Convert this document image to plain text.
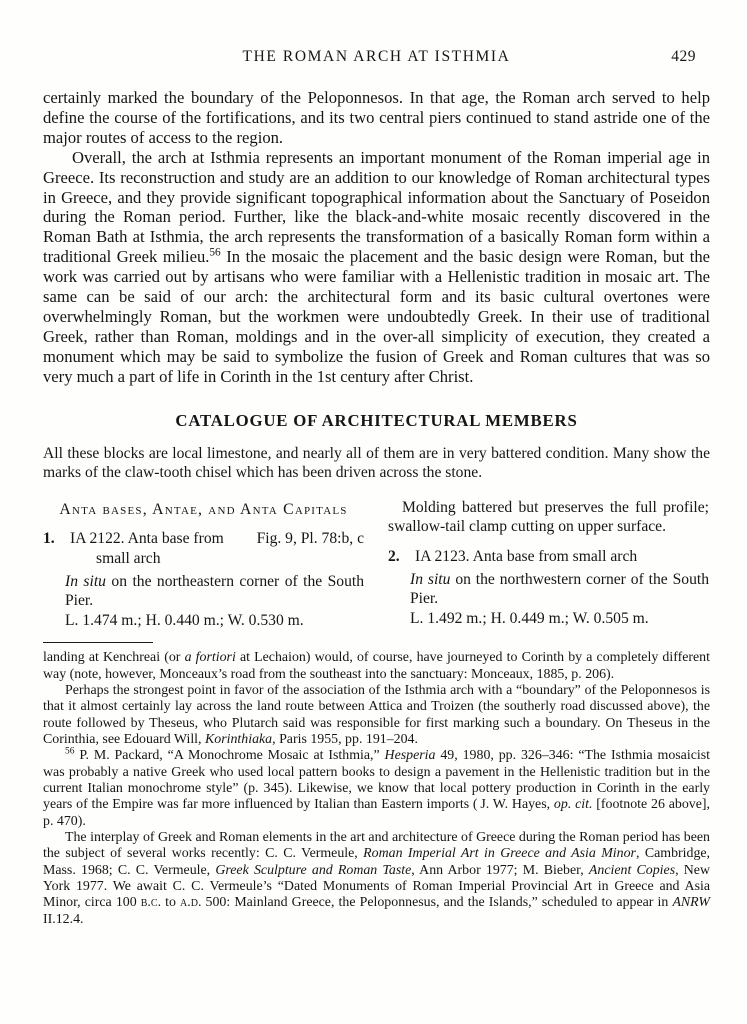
THE ROMAN ARCH AT ISTHMIA	429

certainly marked the boundary of the Peloponnesos. In that age, the Roman arch served to help define the course of the fortifications, and its two central piers continued to stand astride one of the major routes of access to the region.

Overall, the arch at Isthmia represents an important monument of the Roman imperial age in Greece. Its reconstruction and study are an addition to our knowledge of Roman architectural types in Greece, and they provide significant topographical information about the Sanctuary of Poseidon during the Roman period. Further, like the black-and-white mosaic recently discovered in the Roman Bath at Isthmia, the arch represents the transformation of a basically Roman form within a traditional Greek milieu.$^{56}$ In the mosaic the placement and the basic design were Roman, but the work was carried out by artisans who were familiar with a Hellenistic tradition in mosaic art. The same can be said of our arch: the architectural form and its basic cultural overtones were overwhelmingly Roman, but the workmen were undoubtedly Greek. In their use of traditional Greek, rather than Roman, moldings and in the over-all simplicity of execution, they created a monument which may be said to symbolize the fusion of Greek and Roman cultures that was so very much a part of life in Corinth in the 1st century after Christ.

CATALOGUE OF ARCHITECTURAL MEMBERS

All these blocks are local limestone, and nearly all of them are in very battered condition. Many show the marks of the claw-tooth chisel which has been driven across the stone.

Anta bases, Antae, and Anta Capitals
1. IA 2122. Anta base from
small arch
Fig. 9, Pl. 78:b, c

In situ on the northeastern corner of the South Pier.

L. 1.474 m.; H. 0.440 m.; W. 0.530 m.

Molding battered but preserves the full profile; swallow-tail clamp cutting on upper surface.

2. IA 2123. Anta base from small arch

In situ on the northwestern corner of the South Pier.

L. 1.492 m.; H. 0.449 m.; W. 0.505 m.

landing at Kenchreai (or a fortiori at Lechaion) would, of course, have journeyed to Corinth by a completely different way (note, however, Monceaux’s road from the southeast into the sanctuary: Monceaux, 1885, p. 206).

Perhaps the strongest point in favor of the association of the Isthmia arch with a “boundary” of the Peloponnesos is that it almost certainly lay across the land route between Attica and Troizen (the southerly road discussed above), the route followed by Theseus, who Plutarch said was responsible for first marking such a boundary. On Theseus in the Corinthia, see Edouard Will, Korinthiaka, Paris 1955, pp. 191–204.

$^{56}$ P. M. Packard, “A Monochrome Mosaic at Isthmia,” Hesperia 49, 1980, pp. 326–346: “The Isthmia mosaicist was probably a native Greek who used local pattern books to design a pavement in the Hellenistic tradition but in the current Italian monochrome style” (p. 345). Likewise, we know that local pottery production in Corinth in the early years of the Empire was far more influenced by Italian than Eastern imports ( J. W. Hayes, op. cit. [footnote 26 above], p. 470).

The interplay of Greek and Roman elements in the art and architecture of Greece during the Roman period has been the subject of several works recently: C. C. Vermeule, Roman Imperial Art in Greece and Asia Minor, Cambridge, Mass. 1968; C. C. Vermeule, Greek Sculpture and Roman Taste, Ann Arbor 1977; M. Bieber, Ancient Copies, New York 1977. We await C. C. Vermeule’s “Dated Monuments of Roman Imperial Provincial Art in Greece and Asia Minor, circa 100 b.c. to a.d. 500: Mainland Greece, the Peloponnesus, and the Islands,” scheduled to appear in ANRW II.12.4.
